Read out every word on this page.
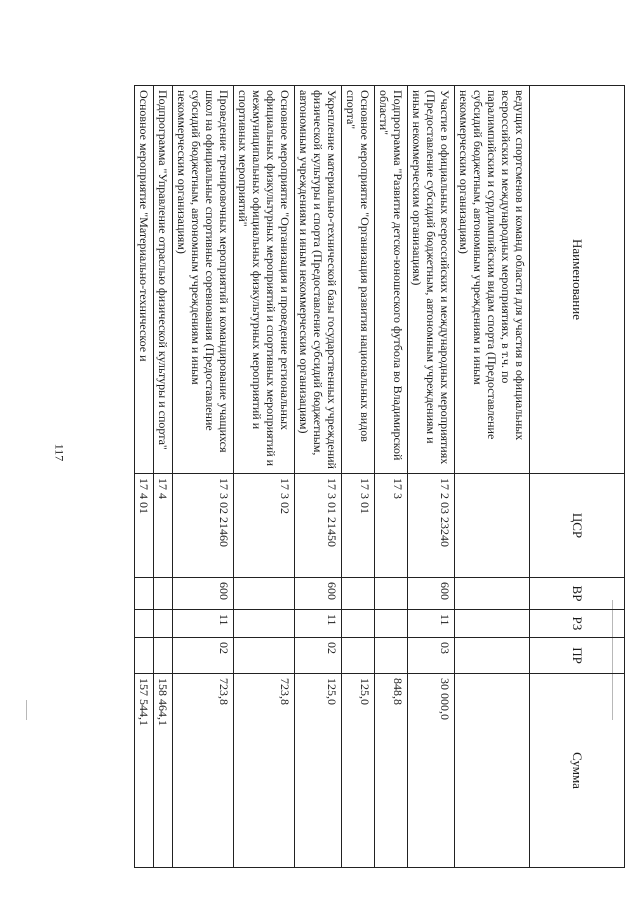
117
Наименование	ЦСР	ВР	РЗ	ПР	Сумма
ведущих спортсменов и команд области для участия в официальных всероссийских и международных мероприятиях, в т.ч. по паралимпийским и сурдлимпийским видам спорта (Предоставление субсидий бюджетным, автономным учреждениям и иным некоммерческим организациям)					
Участие в официальных всероссийских и международных мероприятиях (Предоставление субсидий бюджетным, автономным учреждениям и иным некоммерческим организациям)	17 2 03 23240	600	11	03	30 000,0
Подпрограмма "Развитие детско-юношеского футбола во Владимирской области"	17 3				848,8
Основное мероприятие "Организация развития национальных видов спорта"	17 3 01				125,0
Укрепление материально-технической базы государственных учреждений физической культуры и спорта (Предоставление субсидий бюджетным, автономным учреждениям и иным некоммерческим организациям)	17 3 01 21450	600	11	02	125,0
Основное мероприятие "Организация и проведение региональных официальных физкультурных мероприятий и спортивных мероприятий и межмуниципальных официальных физкультурных мероприятий и спортивных мероприятий"	17 3 02				723,8
Проведение тренировочных мероприятий и командирование учащихся школ на официальные спортивные соревнования (Предоставление субсидий бюджетным, автономным учреждениям и иным некоммерческим организациям)	17 3 02 21460	600	11	02	723,8
Подпрограмма "Управление отраслью физической культуры и спорта"	17 4				158 464,1
Основное мероприятие "Материально-техническое и	17 4 01				157 544,1
